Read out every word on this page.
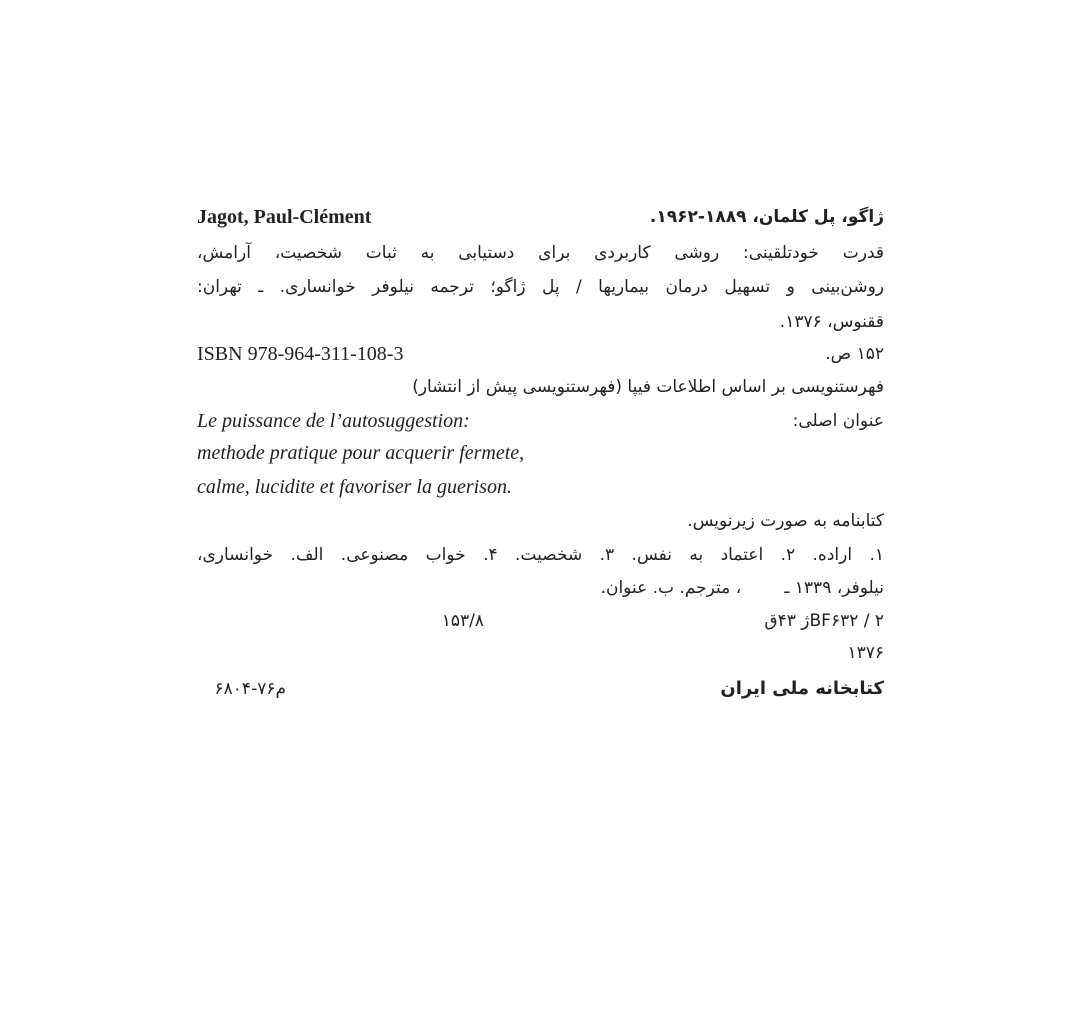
ژاگو، پل کلمان، ۱۸۸۹-۱۹۶۲.
Jagot, Paul-Clément
قدرت خودتلقینی: روشی کاربردی برای دستیابی به ثبات شخصیت، آرامش،
روشن‌بینی و تسهیل درمان بیماریها / پل ژاگو؛ ترجمه نیلوفر خوانساری. ـ تهران:
ققنوس، ۱۳۷۶.
۱۵۲ ص.
ISBN 978-964-311-108-3
فهرستنویسی بر اساس اطلاعات فیپا (فهرستنویسی پیش از انتشار)
عنوان اصلی:
Le puissance de l’autosuggestion:
methode pratique pour acquerir fermete,
calme, lucidite et favoriser la guerison.
کتابنامه به صورت زیرنویس.
۱. اراده. ۲. اعتماد به نفس. ۳. شخصیت. ۴. خواب مصنوعی. الف. خوانساری،
نیلوفر، ۱۳۳۹ ـ        ، مترجم. ب. عنوان.
BF۶۳۲ / ۲ژ ۴۳ق
۱۵۳/۸
۱۳۷۶
کتابخانه ملی ایران
م۷۶-۶۸۰۴
